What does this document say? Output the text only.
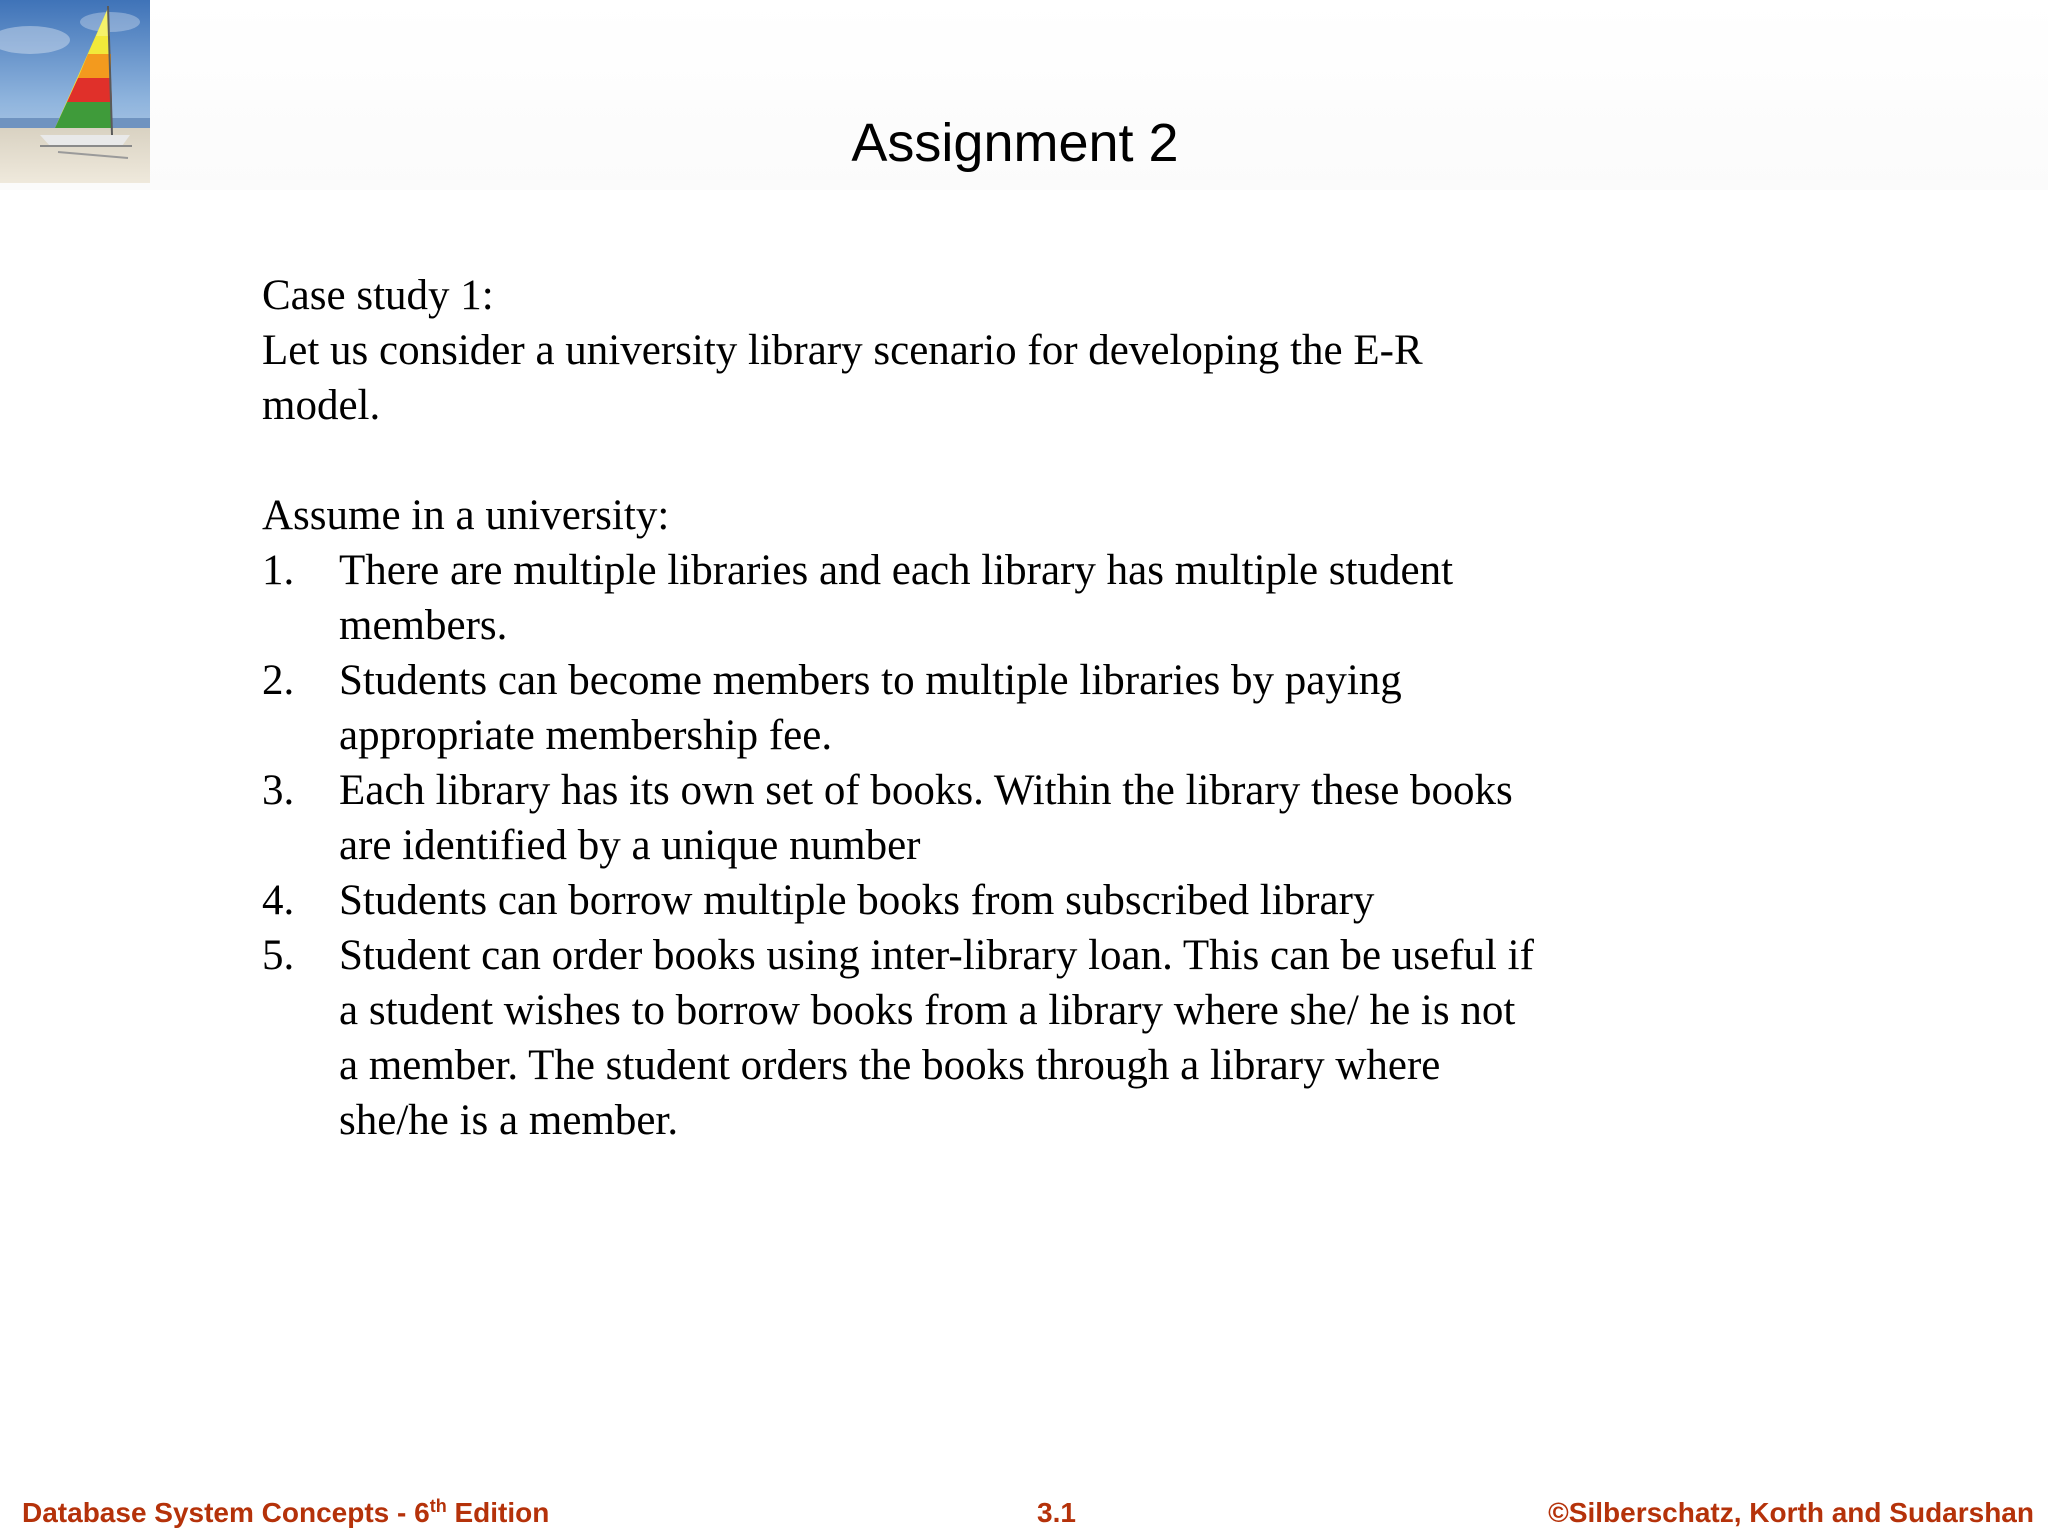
Assignment 2
Case study 1:
Let us consider a university library scenario for developing the E-R
model.
Assume in a university:
1. There are multiple libraries and each library has multiple student
members.
2. Students can become members to multiple libraries by paying
appropriate membership fee.
3. Each library has its own set of books. Within the library these books
are identified by a unique number
4. Students can borrow multiple books from subscribed library
5. Student can order books using inter-library loan. This can be useful if
a student wishes to borrow books from a library where she/ he is not
a member. The student orders the books through a library where
she/he is a member.
Database System Concepts - 6th Edition	3.1	©Silberschatz, Korth and Sudarshan
